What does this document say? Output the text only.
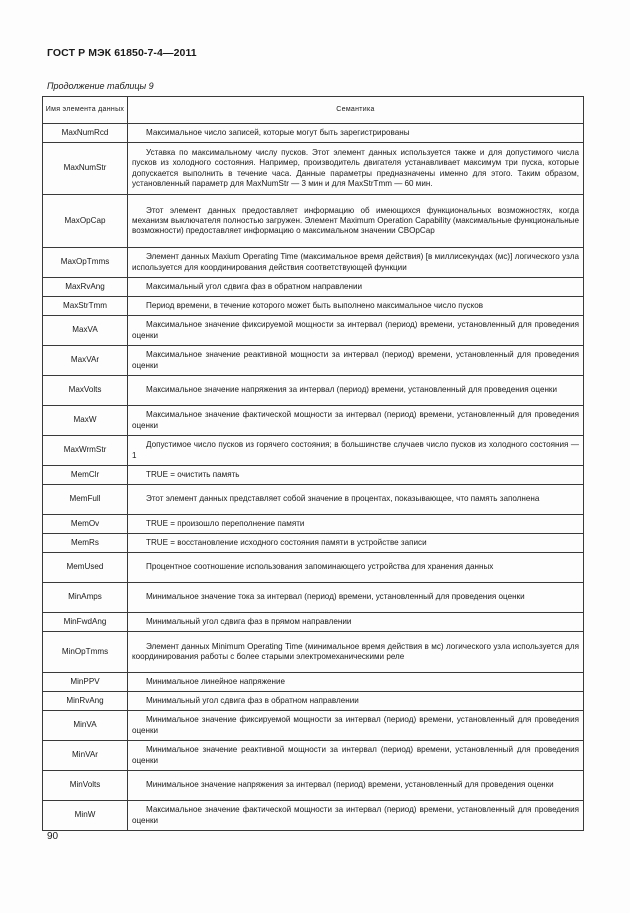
ГОСТ Р МЭК 61850-7-4—2011
Продолжение таблицы 9
Имя элемента данных	Семантика
MaxNumRcd	Максимальное число записей, которые могут быть зарегистрированы
MaxNumStr	Уставка по максимальному числу пусков. Этот элемент данных используется также и для допустимого числа пусков из холодного состояния. Например, производитель двигателя устанавливает максимум три пуска, которые допускается выполнить в течение часа. Данные параметры предназначены именно для этого. Таким образом, установленный параметр для MaxNumStr — 3 мин и для MaxStrTmm — 60 мин.
MaxOpCap	Этот элемент данных предоставляет информацию об имеющихся функциональных возможностях, когда механизм выключателя полностью загружен. Элемент Maximum Operation Capability (максимальные функциональные возможности) предоставляет информацию о максимальном значении CBOpCap
MaxOpTmms	Элемент данных Maxium Operating Time (максимальное время действия) [в миллисекундах (мс)] логического узла используется для координирования действия соответствующей функции
MaxRvAng	Максимальный угол сдвига фаз в обратном направлении
MaxStrTmm	Период времени, в течение которого может быть выполнено максимальное число пусков
MaxVA	Максимальное значение фиксируемой мощности за интервал (период) времени, установленный для проведения оценки
MaxVAr	Максимальное значение реактивной мощности за интервал (период) времени, установленный для проведения оценки
MaxVolts	Максимальное значение напряжения за интервал (период) времени, установленный для проведения оценки
MaxW	Максимальное значение фактической мощности за интервал (период) времени, установленный для проведения оценки
MaxWrmStr	Допустимое число пусков из горячего состояния; в большинстве случаев число пусков из холодного состояния — 1
MemClr	TRUE = очистить память
MemFull	Этот элемент данных представляет собой значение в процентах, показывающее, что память заполнена
MemOv	TRUE = произошло переполнение памяти
MemRs	TRUE = восстановление исходного состояния памяти в устройстве записи
MemUsed	Процентное соотношение использования запоминающего устройства для хранения данных
MinAmps	Минимальное значение тока за интервал (период) времени, установленный для проведения оценки
MinFwdAng	Минимальный угол сдвига фаз в прямом направлении
MinOpTmms	Элемент данных Minimum Operating Time (минимальное время действия в мс) логического узла используется для координирования работы с более старыми электромеханическими реле
MinPPV	Минимальное линейное напряжение
MinRvAng	Минимальный угол сдвига фаз в обратном направлении
MinVA	Минимальное значение фиксируемой мощности за интервал (период) времени, установленный для проведения оценки
MinVAr	Минимальное значение реактивной мощности за интервал (период) времени, установленный для проведения оценки
MinVolts	Минимальное значение напряжения за интервал (период) времени, установленный для проведения оценки
MinW	Максимальное значение фактической мощности за интервал (период) времени, установленный для проведения оценки
90
